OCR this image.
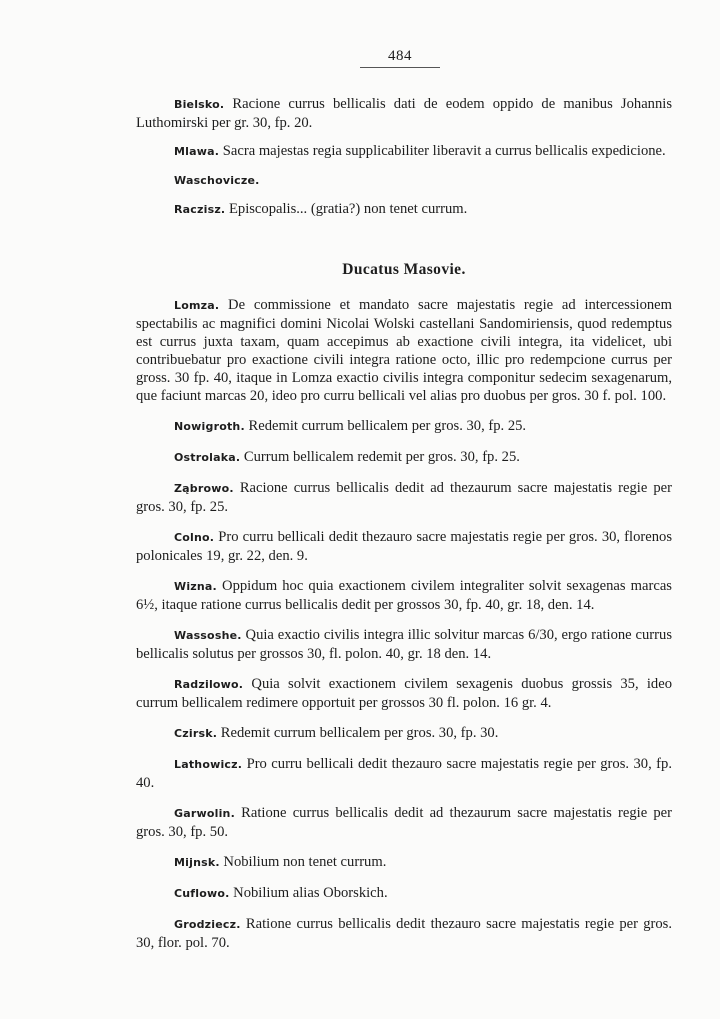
484

Bielsko. Racione currus bellicalis dati de eodem oppido de manibus Johannis Luthomirski per gr. 30, fp. 20.

Mlawa. Sacra majestas regia supplicabiliter liberavit a currus bellicalis expedicione.

Waschovicze.

Raczisz. Episcopalis... (gratia?) non tenet currum.

Ducatus Masovie.

Lomza. De commissione et mandato sacre majestatis regie ad intercessionem spectabilis ac magnifici domini Nicolai Wolski castellani Sandomiriensis, quod redemptus est currus juxta taxam, quam accepimus ab exactione civili integra, ita videlicet, ubi contribuebatur pro exactione civili integra ratione octo, illic pro redempcione currus per gross. 30 fp. 40, itaque in Lomza exactio civilis integra componitur sedecim sexagenarum, que faciunt marcas 20, ideo pro curru bellicali vel alias pro duobus per gros. 30 f. pol. 100.

Nowigroth. Redemit currum bellicalem per gros. 30, fp. 25.

Ostrolaka. Currum bellicalem redemit per gros. 30, fp. 25.

Ząbrowo. Racione currus bellicalis dedit ad thezaurum sacre majestatis regie per gros. 30, fp. 25.

Colno. Pro curru bellicali dedit thezauro sacre majestatis regie per gros. 30, florenos polonicales 19, gr. 22, den. 9.

Wizna. Oppidum hoc quia exactionem civilem integraliter solvit sexagenas marcas 6½, itaque ratione currus bellicalis dedit per grossos 30, fp. 40, gr. 18, den. 14.

Wassoshe. Quia exactio civilis integra illic solvitur marcas 6/30, ergo ratione currus bellicalis solutus per grossos 30, fl. polon. 40, gr. 18 den. 14.

Radzilowo. Quia solvit exactionem civilem sexagenis duobus grossis 35, ideo currum bellicalem redimere opportuit per grossos 30 fl. polon. 16 gr. 4.

Czirsk. Redemit currum bellicalem per gros. 30, fp. 30.

Lathowicz. Pro curru bellicali dedit thezauro sacre majestatis regie per gros. 30, fp. 40.

Garwolin. Ratione currus bellicalis dedit ad thezaurum sacre majestatis regie per gros. 30, fp. 50.

Mijnsk. Nobilium non tenet currum.

Cuflowo. Nobilium alias Oborskich.

Grodziecz. Ratione currus bellicalis dedit thezauro sacre majestatis regie per gros. 30, flor. pol. 70.
